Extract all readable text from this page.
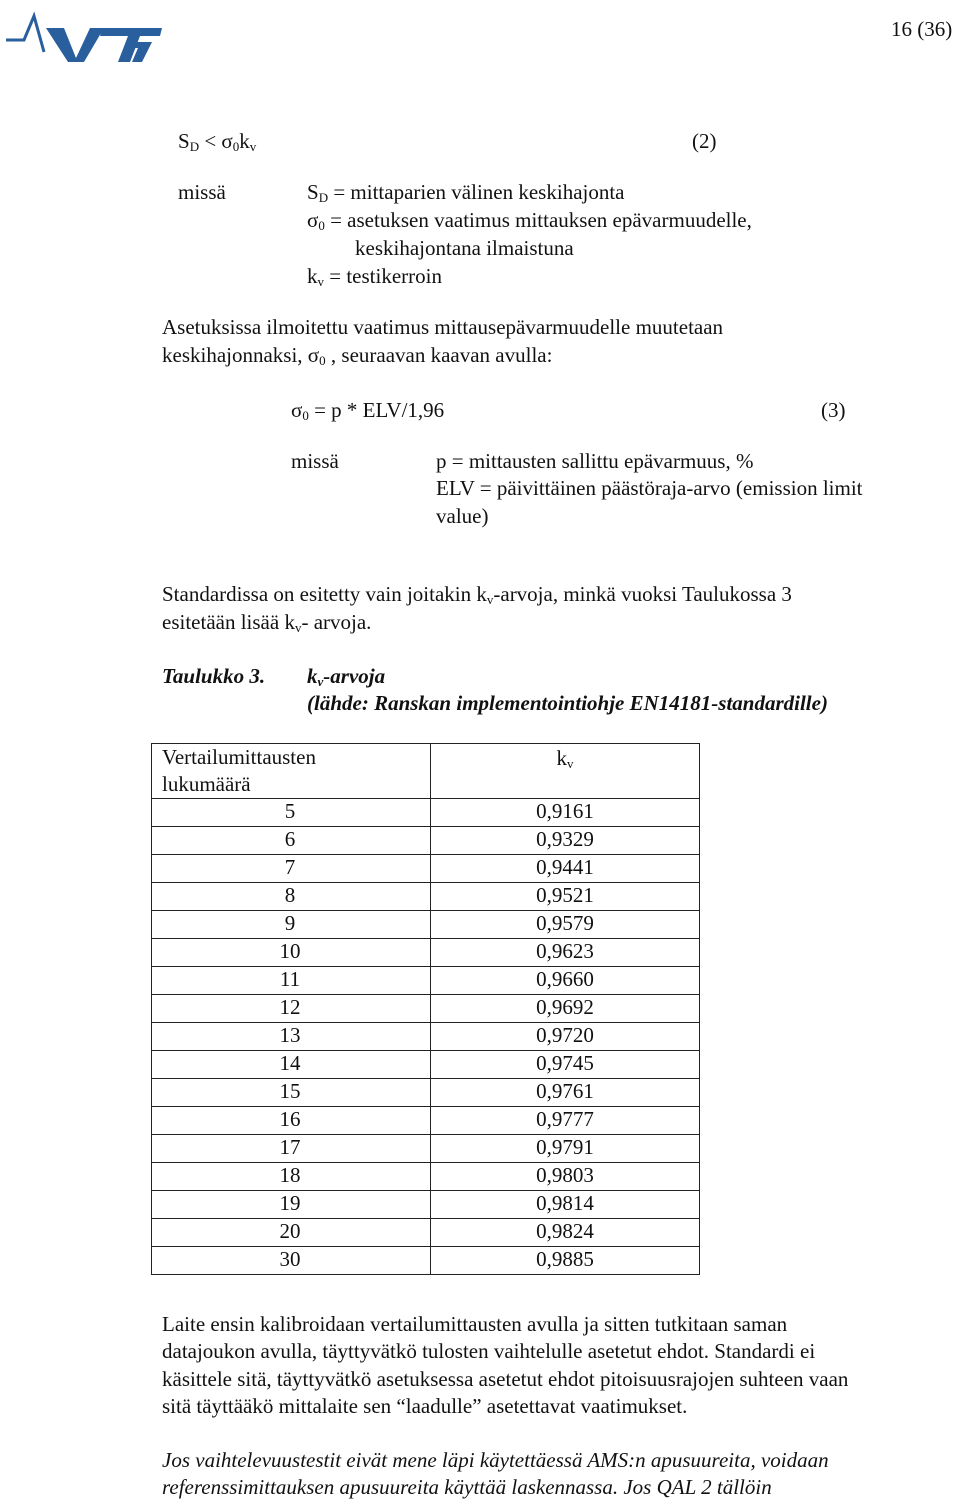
16 (36)
$S_D < \sigma_0k_v$	(2)
missä	$S_D$ = mittaparien välinen keskihajonta
$\sigma_0$ = asetuksen vaatimus mittauksen epävarmuudelle,
keskihajontana ilmaistuna
$k_v$ = testikerroin
Asetuksissa ilmoitettu vaatimus mittausepävarmuudelle muutetaan
keskihajonnaksi, $\sigma_0$ , seuraavan kaavan avulla:
$\sigma_0 = p * ELV/1,96$	(3)
missä	p = mittausten sallittu epävarmuus, %
ELV = päivittäinen päästöraja-arvo (emission limit
value)
Standardissa on esitetty vain joitakin $k_v$-arvoja, minkä vuoksi Taulukossa 3
esitetään lisää $k_v-$ arvoja.
Taulukko 3. $k_v$-arvoja
(lähde: Ranskan implementointiohje EN14181-standardille)
Vertailumittausten
lukumäärä	$k_v$
5	0,9161
6	0,9329
7	0,9441
8	0,9521
9	0,9579
10	0,9623
11	0,9660
12	0,9692
13	0,9720
14	0,9745
15	0,9761
16	0,9777
17	0,9791
18	0,9803
19	0,9814
20	0,9824
30	0,9885
Laite ensin kalibroidaan vertailumittausten avulla ja sitten tutkitaan saman
datajoukon avulla, täyttyvätkö tulosten vaihtelulle asetetut ehdot. Standardi ei
käsittele sitä, täyttyvätkö asetuksessa asetetut ehdot pitoisuusrajojen suhteen vaan
sitä täyttääkö mittalaite sen “laadulle” asetettavat vaatimukset.
Jos vaihtelevuustestit eivät mene läpi käytettäessä AMS:n apusuureita, voidaan
referenssimittauksen apusuureita käyttää laskennassa. Jos QAL 2 tällöin
